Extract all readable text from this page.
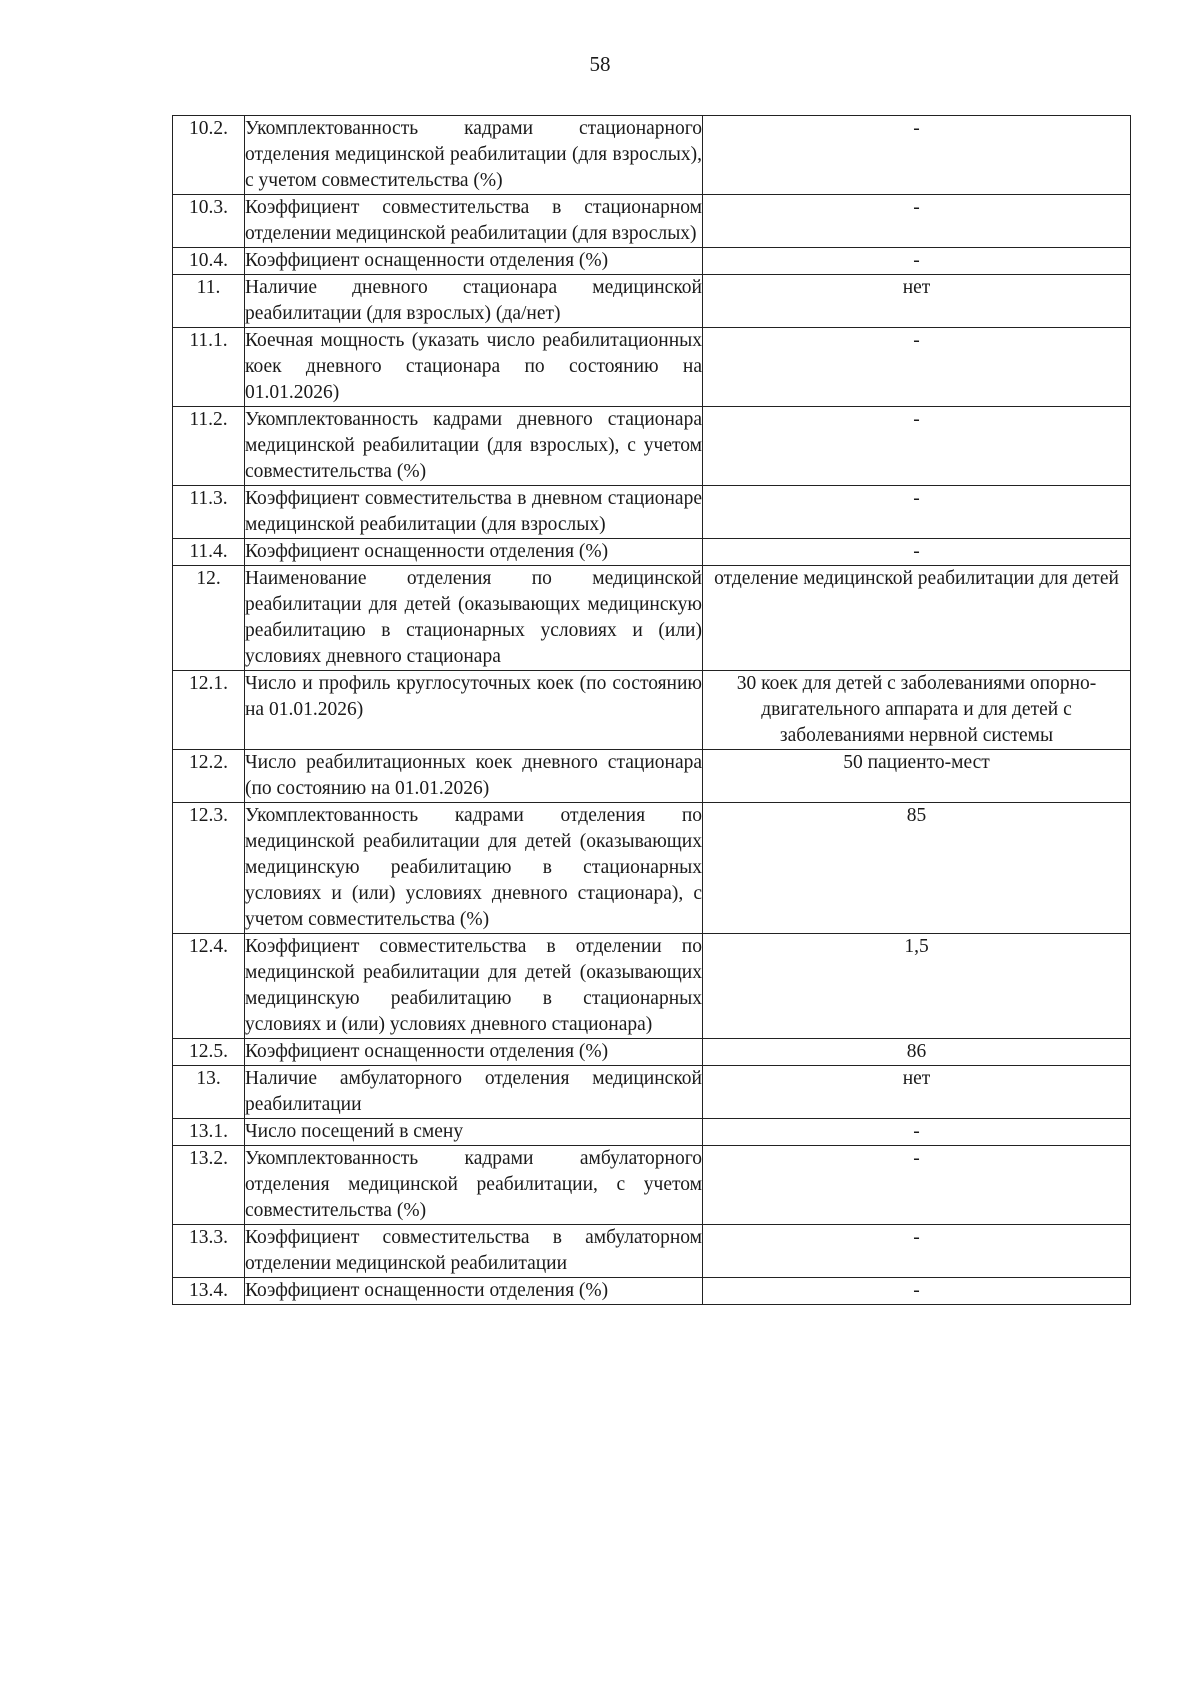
58
10.2.	Укомплектованность кадрами стационарного отделения медицинской реабилитации (для взрослых), с учетом совместительства (%)	-
10.3.	Коэффициент совместительства в стационарном отделении медицинской реабилитации (для взрослых)	-
10.4.	Коэффициент оснащенности отделения (%)	-
11.	Наличие дневного стационара медицинской реабилитации (для взрослых) (да/нет)	нет
11.1.	Коечная мощность (указать число реабилитационных коек дневного стационара по состоянию на 01.01.2026)	-
11.2.	Укомплектованность кадрами дневного стационара медицинской реабилитации (для взрослых), с учетом совместительства (%)	-
11.3.	Коэффициент совместительства в дневном стационаре медицинской реабилитации (для взрослых)	-
11.4.	Коэффициент оснащенности отделения (%)	-
12.	Наименование отделения по медицинской реабилитации для детей (оказывающих медицинскую реабилитацию в стационарных условиях и (или) условиях дневного стационара	отделение медицинской реабилитации для детей
12.1.	Число и профиль круглосуточных коек (по состоянию на 01.01.2026)	30 коек для детей с заболеваниями опорно-двигательного аппарата и для детей с заболеваниями нервной системы
12.2.	Число реабилитационных коек дневного стационара (по состоянию на 01.01.2026)	50 пациенто-мест
12.3.	Укомплектованность кадрами отделения по медицинской реабилитации для детей (оказывающих медицинскую реабилитацию в стационарных условиях и (или) условиях дневного стационара), с учетом совместительства (%)	85
12.4.	Коэффициент совместительства в отделении по медицинской реабилитации для детей (оказывающих медицинскую реабилитацию в стационарных условиях и (или) условиях дневного стационара)	1,5
12.5.	Коэффициент оснащенности отделения (%)	86
13.	Наличие амбулаторного отделения медицинской реабилитации	нет
13.1.	Число посещений в смену	-
13.2.	Укомплектованность кадрами амбулаторного отделения медицинской реабилитации, с учетом совместительства (%)	-
13.3.	Коэффициент совместительства в амбулаторном отделении медицинской реабилитации	-
13.4.	Коэффициент оснащенности отделения (%)	-
